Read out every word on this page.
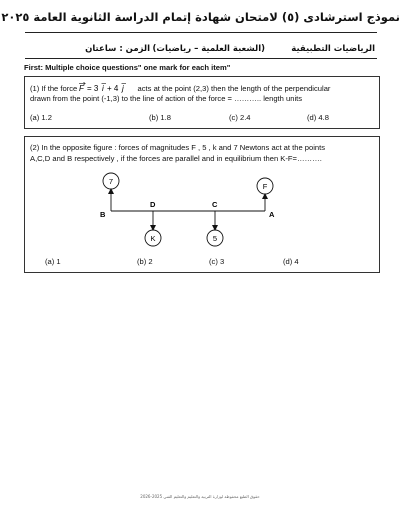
نموذج استرشادى (٥) لامتحان شهادة إتمام الدراسة الثانوية العامة ٢٠٢٥
الرياضيات التطبيقية
(الشعبة العلمية – رياضيات)
الزمن : ساعتان
First: Multiple choice questions" one mark for each item"
(1) If the force F = 3 i + 4 j acts at the point (2,3) then the length of the perpendicular
drawn from the point (-1,3) to the line of action of the force = ……….. length units
(a) 1.2	(b) 1.8	(c) 2.4	(d) 4.8
(2) In the opposite figure : forces of magnitudes F , 5 , k and 7 Newtons act at the points
A,C,D and B respectively , if the forces are parallel and in equilibrium then K-F=……….
B
D	C
A
7
K	5
F
(a) 1	(b) 2	(c) 3	(d) 4
حقوق الطبع محفوظة لوزارة التربية والتعليم والتعليم الفني 2025-2026
